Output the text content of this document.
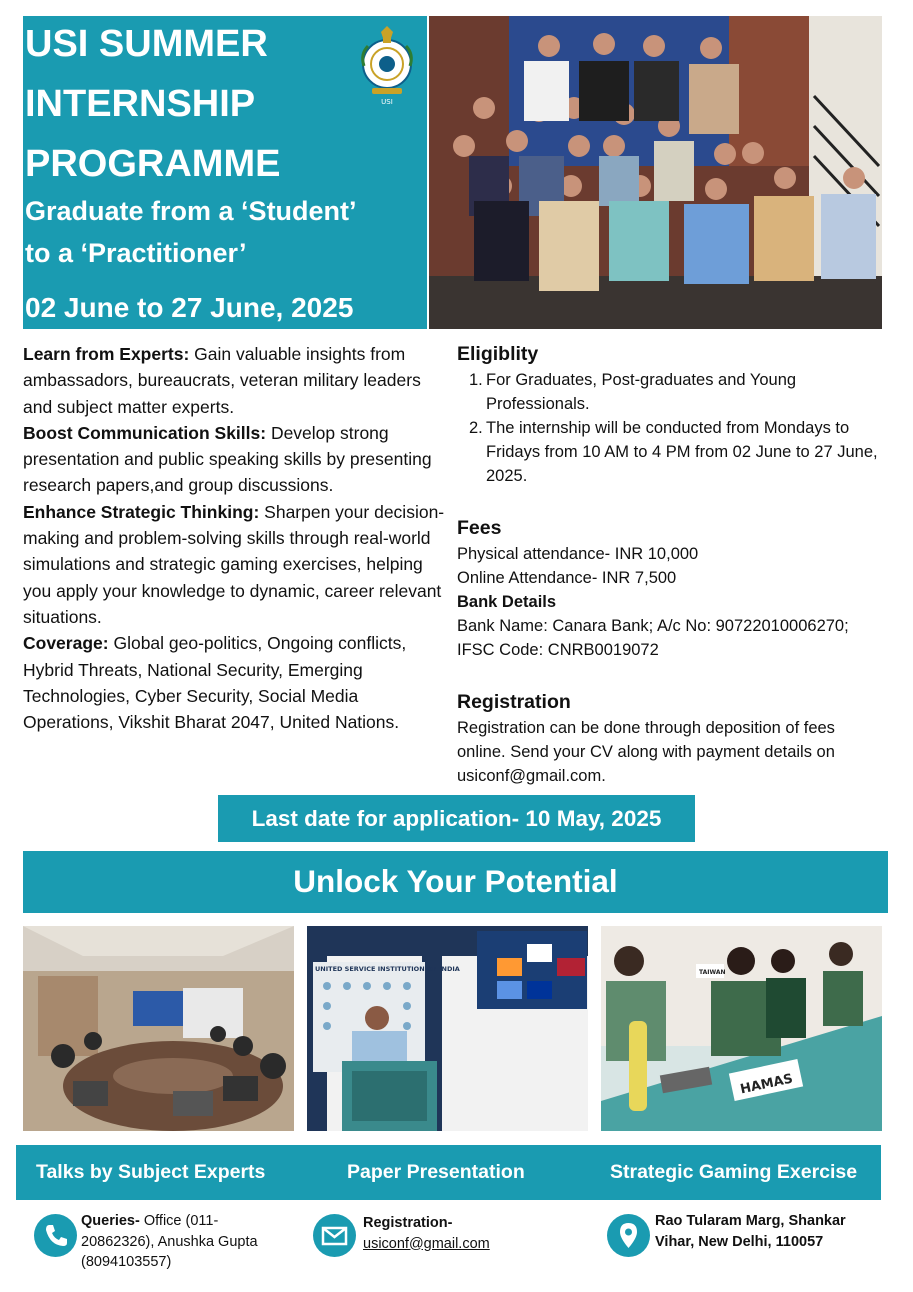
USI SUMMER
INTERNSHIP
PROGRAMME
Graduate from a ‘Student’
to a ‘Practitioner’
02 June to 27 June, 2025
USI

Learn from Experts: Gain valuable insights from ambassadors, bureaucrats, veteran military leaders and subject matter experts.

Boost Communication Skills: Develop strong presentation and public speaking skills by presenting research papers,and group discussions.

Enhance Strategic Thinking: Sharpen your decision-making and problem-solving skills through real-world simulations and strategic gaming exercises, helping you apply your knowledge to dynamic, career relevant situations.

Coverage: Global geo-politics, Ongoing conflicts, Hybrid Threats, National Security, Emerging Technologies, Cyber Security, Social Media Operations, Vikshit Bharat 2047, United Nations.

Eligiblity
1. For Graduates, Post-graduates and Young Professionals.
2. The internship will be conducted from Mondays to Fridays from 10 AM to 4 PM from 02 June to 27 June, 2025.
Fees
Physical attendance- INR 10,000
Online Attendance- INR 7,500
Bank Details
Bank Name: Canara Bank; A/c No: 90722010006270;
IFSC Code: CNRB0019072
Registration
Registration can be done through deposition of fees online. Send your CV along with payment details on usiconf@gmail.com.
Last date for application- 10 May, 2025
Unlock Your Potential
UNITED SERVICE INSTITUTION OF INDIA
HAMAS
TAIWAN
Talks by Subject Experts	Paper Presentation	Strategic Gaming Exercise
Queries- Office (011-20862326), Anushka Gupta (8094103557)
Registration-
usiconf@gmail.com
Rao Tularam Marg, Shankar
Vihar, New Delhi, 110057
